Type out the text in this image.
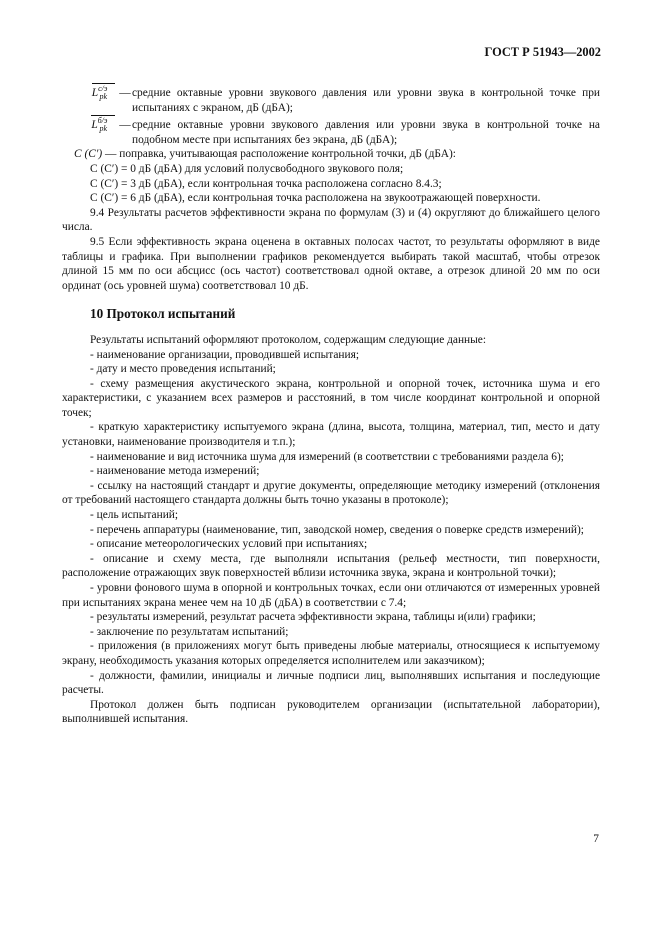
ГОСТ Р 51943—2002
$L^{с/э}_{pk}$	— средние октавные уровни звукового давления или уровни звука в контрольной точке при испытаниях с экраном, дБ (дБА);
$L^{б/э}_{pk}$	— средние октавные уровни звукового давления или уровни звука в контрольной точке на подобном месте при испытаниях без экрана, дБ (дБА);

C (C′) — поправка, учитывающая расположение контрольной точки, дБ (дБА):

C (C′) = 0 дБ (дБА) для условий полусвободного звукового поля;

C (C′) = 3 дБ (дБА), если контрольная точка расположена согласно 8.4.3;

C (C′) = 6 дБ (дБА), если контрольная точка расположена на звукоотражающей поверхности.

9.4 Результаты расчетов эффективности экрана по формулам (3) и (4) округляют до ближайшего целого числа.

9.5 Если эффективность экрана оценена в октавных полосах частот, то результаты оформляют в виде таблицы и графика. При выполнении графиков рекомендуется выбирать такой масштаб, чтобы отрезок длиной 15 мм по оси абсцисс (ось частот) соответствовал одной октаве, а отрезок длиной 20 мм по оси ординат (ось уровней шума) соответствовал 10 дБ.

10 Протокол испытаний

Результаты испытаний оформляют протоколом, содержащим следующие данные:

- наименование организации, проводившей испытания;

- дату и место проведения испытаний;

- схему размещения акустического экрана, контрольной и опорной точек, источника шума и его характеристики, с указанием всех размеров и расстояний, в том числе координат контрольной и опорной точек;

- краткую характеристику испытуемого экрана (длина, высота, толщина, материал, тип, место и дату установки, наименование производителя и т.п.);

- наименование и вид источника шума для измерений (в соответствии с требованиями раздела 6);

- наименование метода измерений;

- ссылку на настоящий стандарт и другие документы, определяющие методику измерений (отклонения от требований настоящего стандарта должны быть точно указаны в протоколе);

- цель испытаний;

- перечень аппаратуры (наименование, тип, заводской номер, сведения о поверке средств измерений);

- описание метеорологических условий при испытаниях;

- описание и схему места, где выполняли испытания (рельеф местности, тип поверхности, расположение отражающих звук поверхностей вблизи источника звука, экрана и контрольной точки);

- уровни фонового шума в опорной и контрольных точках, если они отличаются от измеренных уровней при испытаниях экрана менее чем на 10 дБ (дБА) в соответствии с 7.4;

- результаты измерений, результат расчета эффективности экрана, таблицы и(или) графики;

- заключение по результатам испытаний;

- приложения (в приложениях могут быть приведены любые материалы, относящиеся к испытуемому экрану, необходимость указания которых определяется исполнителем или заказчиком);

- должности, фамилии, инициалы и личные подписи лиц, выполнявших испытания и последующие расчеты.

Протокол должен быть подписан руководителем организации (испытательной лаборатории), выполнившей испытания.

7
